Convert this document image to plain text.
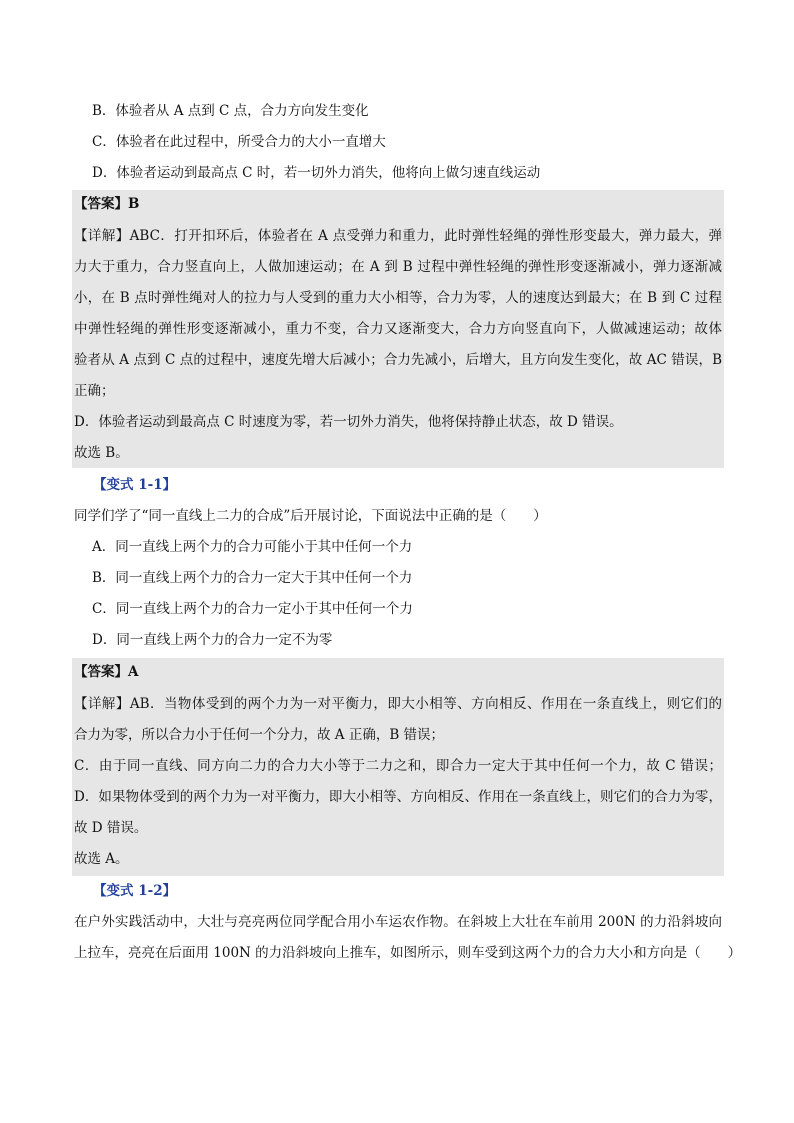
B．体验者从 A 点到 C 点，合力方向发生变化
C．体验者在此过程中，所受合力的大小一直增大
D．体验者运动到最高点 C 时，若一切外力消失，他将向上做匀速直线运动
【答案】B
【详解】ABC．打开扣环后，体验者在 A 点受弹力和重力，此时弹性轻绳的弹性形变最大，弹力最大，弹
力大于重力，合力竖直向上，人做加速运动；在 A 到 B 过程中弹性轻绳的弹性形变逐渐减小，弹力逐渐减
小，在 B 点时弹性绳对人的拉力与人受到的重力大小相等，合力为零，人的速度达到最大；在 B 到 C 过程
中弹性轻绳的弹性形变逐渐减小，重力不变，合力又逐渐变大，合力方向竖直向下，人做减速运动；故体
验者从 A 点到 C 点的过程中，速度先增大后减小；合力先减小，后增大，且方向发生变化，故 AC 错误，B
正确；
D．体验者运动到最高点 C 时速度为零，若一切外力消失，他将保持静止状态，故 D 错误。
故选 B。
【变式 1-1】
同学们学了“同一直线上二力的合成”后开展讨论，下面说法中正确的是（　　）
A．同一直线上两个力的合力可能小于其中任何一个力
B．同一直线上两个力的合力一定大于其中任何一个力
C．同一直线上两个力的合力一定小于其中任何一个力
D．同一直线上两个力的合力一定不为零
【答案】A
【详解】AB．当物体受到的两个力为一对平衡力，即大小相等、方向相反、作用在一条直线上，则它们的
合力为零，所以合力小于任何一个分力，故 A 正确，B 错误；
C．由于同一直线、同方向二力的合力大小等于二力之和，即合力一定大于其中任何一个力，故 C 错误；
D．如果物体受到的两个力为一对平衡力，即大小相等、方向相反、作用在一条直线上，则它们的合力为零，
故 D 错误。
故选 A。
【变式 1-2】
在户外实践活动中，大壮与亮亮两位同学配合用小车运农作物。在斜坡上大壮在车前用 200N 的力沿斜坡向
上拉车，亮亮在后面用 100N 的力沿斜坡向上推车，如图所示，则车受到这两个力的合力大小和方向是（　　）
